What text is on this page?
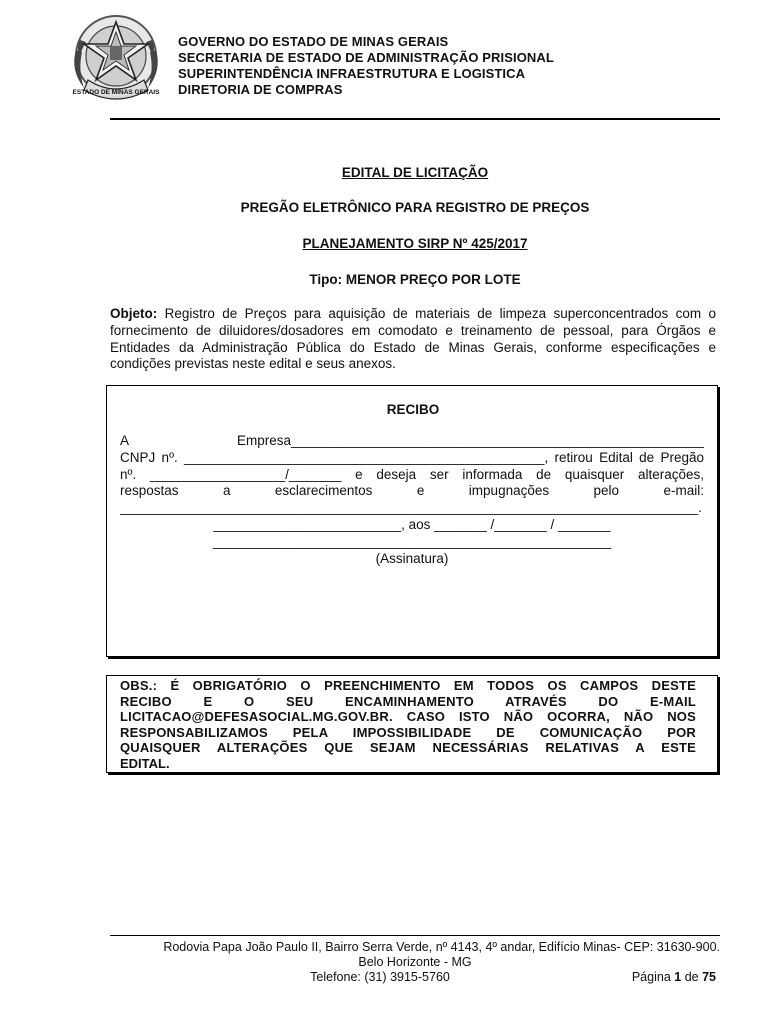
ESTADO DE MINAS GERAIS
GOVERNO DO ESTADO DE MINAS GERAIS
SECRETARIA DE ESTADO DE ADMINISTRAÇÃO PRISIONAL
SUPERINTENDÊNCIA INFRAESTRUTURA E LOGISTICA
DIRETORIA DE COMPRAS
EDITAL DE LICITAÇÃO
PREGÃO ELETRÔNICO PARA REGISTRO DE PREÇOS
PLANEJAMENTO SIRP Nº 425/2017
Tipo: MENOR PREÇO POR LOTE
Objeto: Registro de Preços para aquisição de materiais de limpeza superconcentrados com o fornecimento de diluidores/dosadores em comodato e treinamento de pessoal, para Órgãos e Entidades da Administração Pública do Estado de Minas Gerais, conforme especificações e condições previstas neste edital e seus anexos.
RECIBO
A Empresa_______________________________________________________
CNPJ nº. ________________________________________________, retirou Edital de Pregão
nº. __________________/_______ e deseja ser informada de quaisquer alterações,
respostas a esclarecimentos e impugnações pelo e-mail:
_____________________________________________________________________________.
_________________________, aos _______ /_______ / _______
_____________________________________________________
(Assinatura)
OBS.: É OBRIGATÓRIO O PREENCHIMENTO EM TODOS OS CAMPOS DESTE
RECIBO E O SEU ENCAMINHAMENTO ATRAVÉS DO E-MAIL
LICITACAO@DEFESASOCIAL.MG.GOV.BR. CASO ISTO NÃO OCORRA, NÃO NOS
RESPONSABILIZAMOS PELA IMPOSSIBILIDADE DE COMUNICAÇÃO POR
QUAISQUER ALTERAÇÕES QUE SEJAM NECESSÁRIAS RELATIVAS A ESTE
EDITAL.
Rodovia Papa João Paulo II, Bairro Serra Verde, nº 4143, 4º andar, Edifício Minas- CEP: 31630-900.
Belo Horizonte - MG
Telefone: (31) 3915-5760	Página 1 de 75
